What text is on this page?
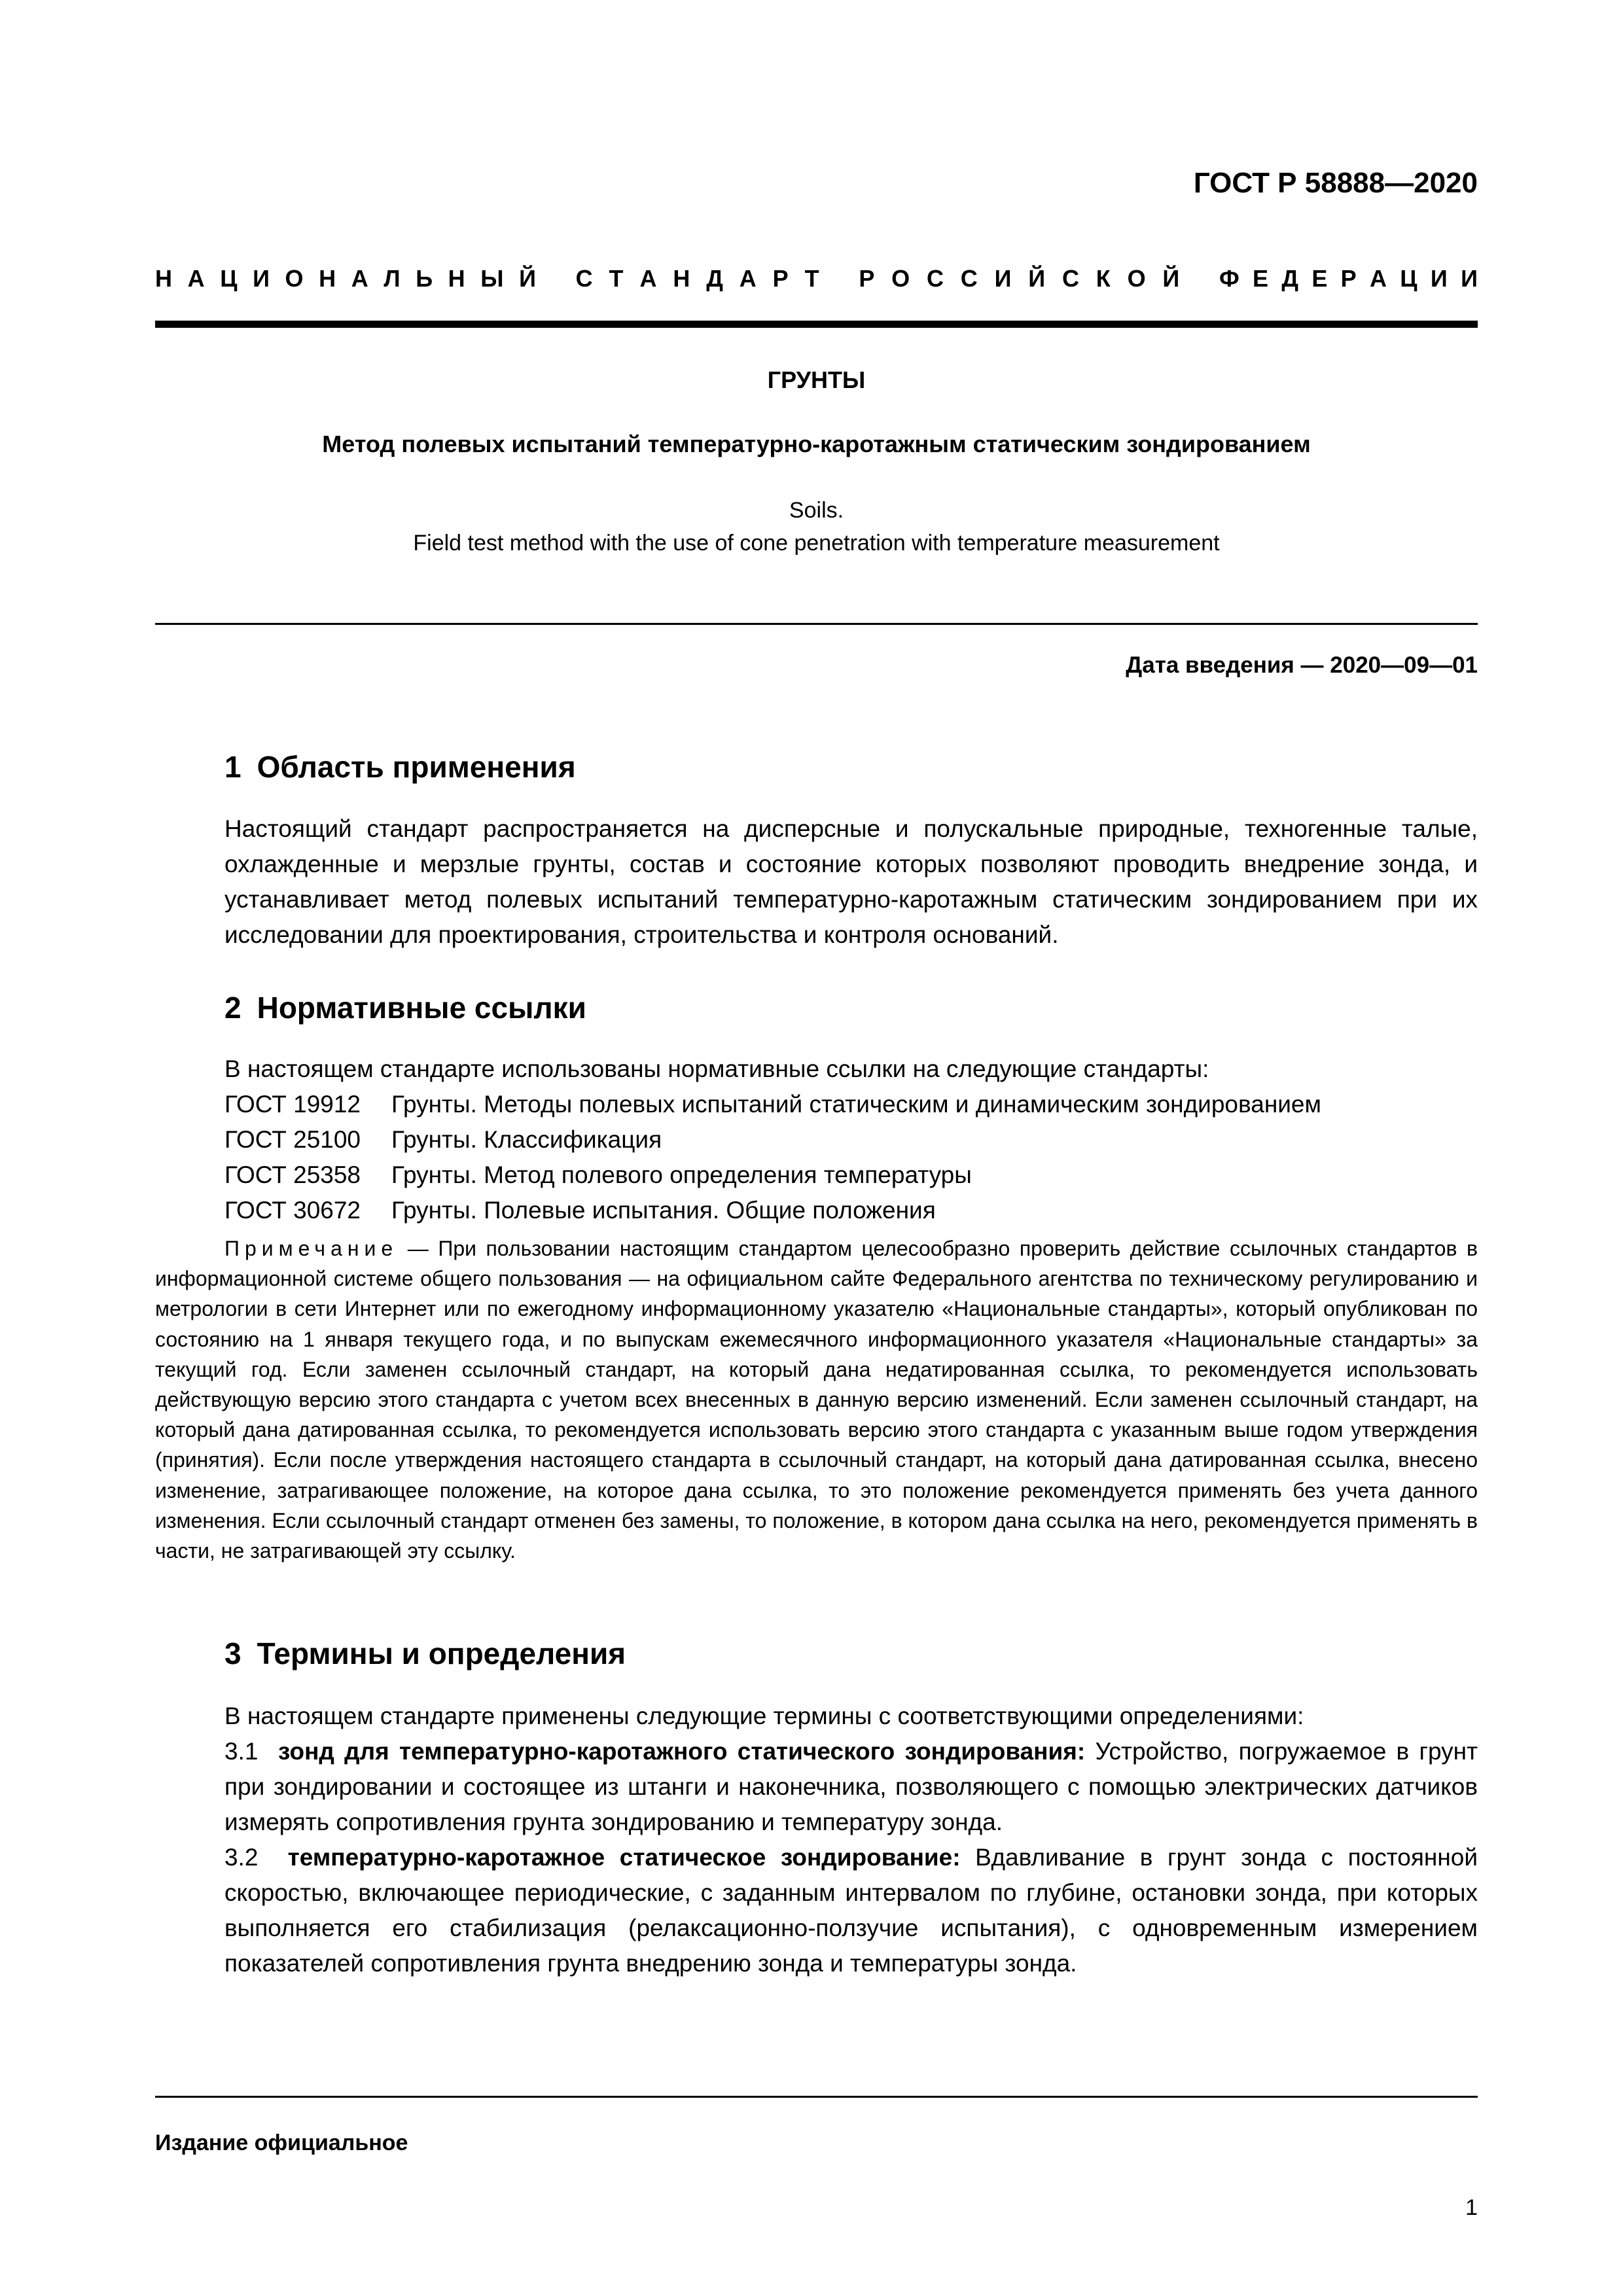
ГОСТ Р 58888—2020
Н А Ц И О Н А Л Ь Н Ы Й С Т А Н Д А Р Т Р О С С И Й С К О Й Ф Е Д Е Р А Ц И И
ГРУНТЫ
Метод полевых испытаний температурно-каротажным статическим зондированием
Soils.
Field test method with the use of cone penetration with temperature measurement
Дата введения — 2020—09—01
1 Область применения
Настоящий стандарт распространяется на дисперсные и полускальные природные, техногенные талые, охлажденные и мерзлые грунты, состав и состояние которых позволяют проводить внедрение зонда, и устанавливает метод полевых испытаний температурно-каротажным статическим зондированием при их исследовании для проектирования, строительства и контроля оснований.
2 Нормативные ссылки
В настоящем стандарте использованы нормативные ссылки на следующие стандарты:
ГОСТ 19912 Грунты. Методы полевых испытаний статическим и динамическим зондированием
ГОСТ 25100 Грунты. Классификация
ГОСТ 25358 Грунты. Метод полевого определения температуры
ГОСТ 30672 Грунты. Полевые испытания. Общие положения
Примечание — При пользовании настоящим стандартом целесообразно проверить действие ссылочных стандартов в информационной системе общего пользования — на официальном сайте Федерального агентства по техническому регулированию и метрологии в сети Интернет или по ежегодному информационному указателю «Национальные стандарты», который опубликован по состоянию на 1 января текущего года, и по выпускам ежемесячного информационного указателя «Национальные стандарты» за текущий год. Если заменен ссылочный стандарт, на который дана недатированная ссылка, то рекомендуется использовать действующую версию этого стандарта с учетом всех внесенных в данную версию изменений. Если заменен ссылочный стандарт, на который дана датированная ссылка, то рекомендуется использовать версию этого стандарта с указанным выше годом утверждения (принятия). Если после утверждения настоящего стандарта в ссылочный стандарт, на который дана датированная ссылка, внесено изменение, затрагивающее положение, на которое дана ссылка, то это положение рекомендуется применять без учета данного изменения. Если ссылочный стандарт отменен без замены, то положение, в котором дана ссылка на него, рекомендуется применять в части, не затрагивающей эту ссылку.
3 Термины и определения
В настоящем стандарте применены следующие термины с соответствующими определениями:
3.1 зонд для температурно-каротажного статического зондирования: Устройство, погружаемое в грунт при зондировании и состоящее из штанги и наконечника, позволяющего с помощью электрических датчиков измерять сопротивления грунта зондированию и температуру зонда.
3.2 температурно-каротажное статическое зондирование: Вдавливание в грунт зонда с постоянной скоростью, включающее периодические, с заданным интервалом по глубине, остановки зонда, при которых выполняется его стабилизация (релаксационно-ползучие испытания), с одновременным измерением показателей сопротивления грунта внедрению зонда и температуры зонда.
Издание официальное
1
